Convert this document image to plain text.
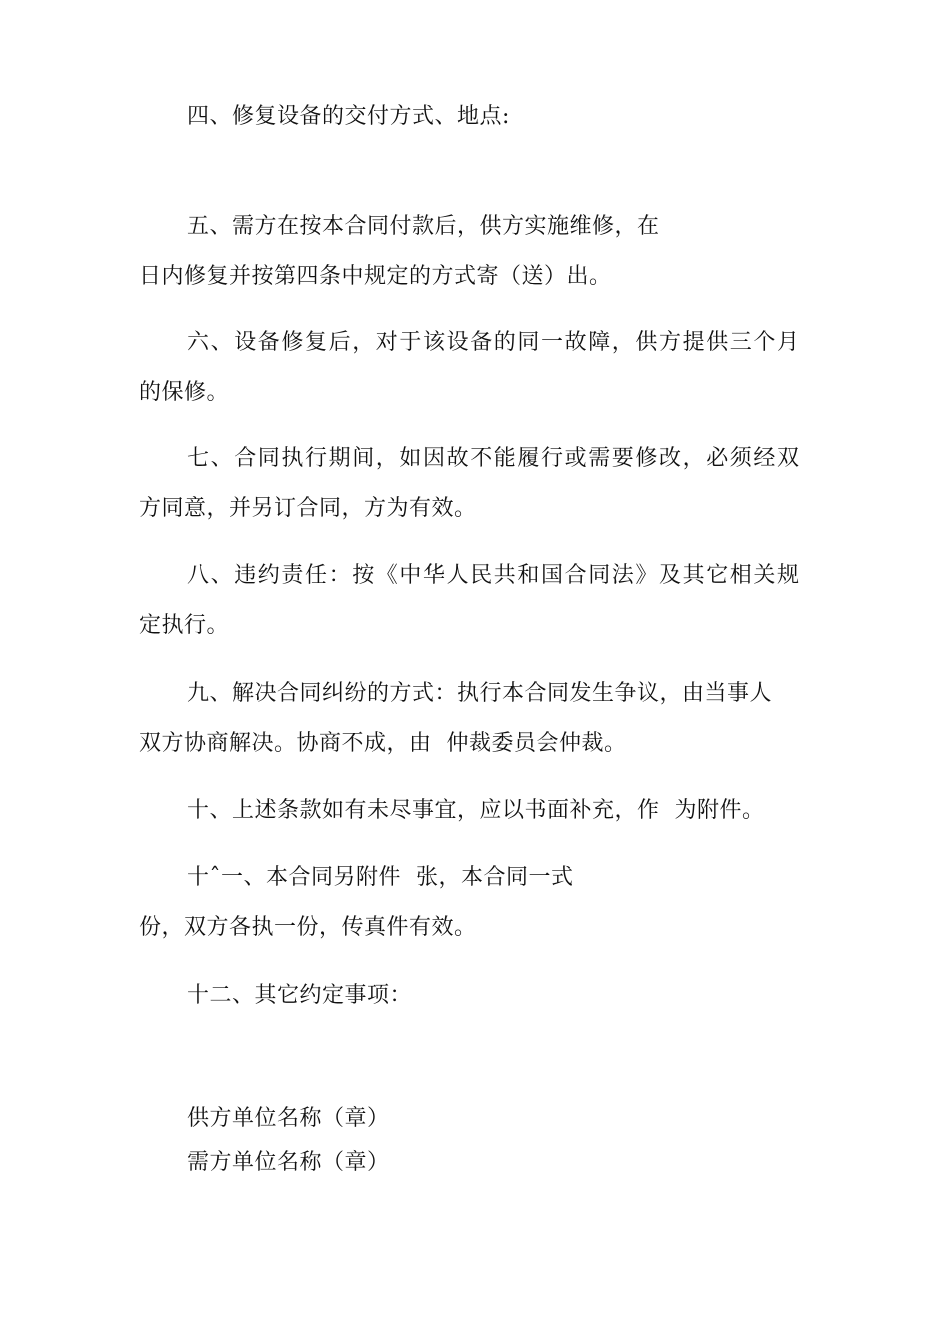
四、修复设备的交付方式、地点:
五、需方在按本合同付款后，供方实施维修，在
日内修复并按第四条中规定的方式寄（送）出。
六、设备修复后，对于该设备的同一故障，供方提供三个月
的保修。
七、合同执行期间，如因故不能履行或需要修改，必须经双
方同意，并另订合同，方为有效。
八、违约责任：按《中华人民共和国合同法》及其它相关规
定执行。
九、解决合同纠纷的方式：执行本合同发生争议，由当事人
双方协商解决。协商不成，由  仲裁委员会仲裁。
十、上述条款如有未尽事宜，应以书面补充，作  为附件。
十ˆ一、本合同另附件  张，本合同一式
份，双方各执一份，传真件有效。
十二、其它约定事项：
供方单位名称（章）
需方单位名称（章）
